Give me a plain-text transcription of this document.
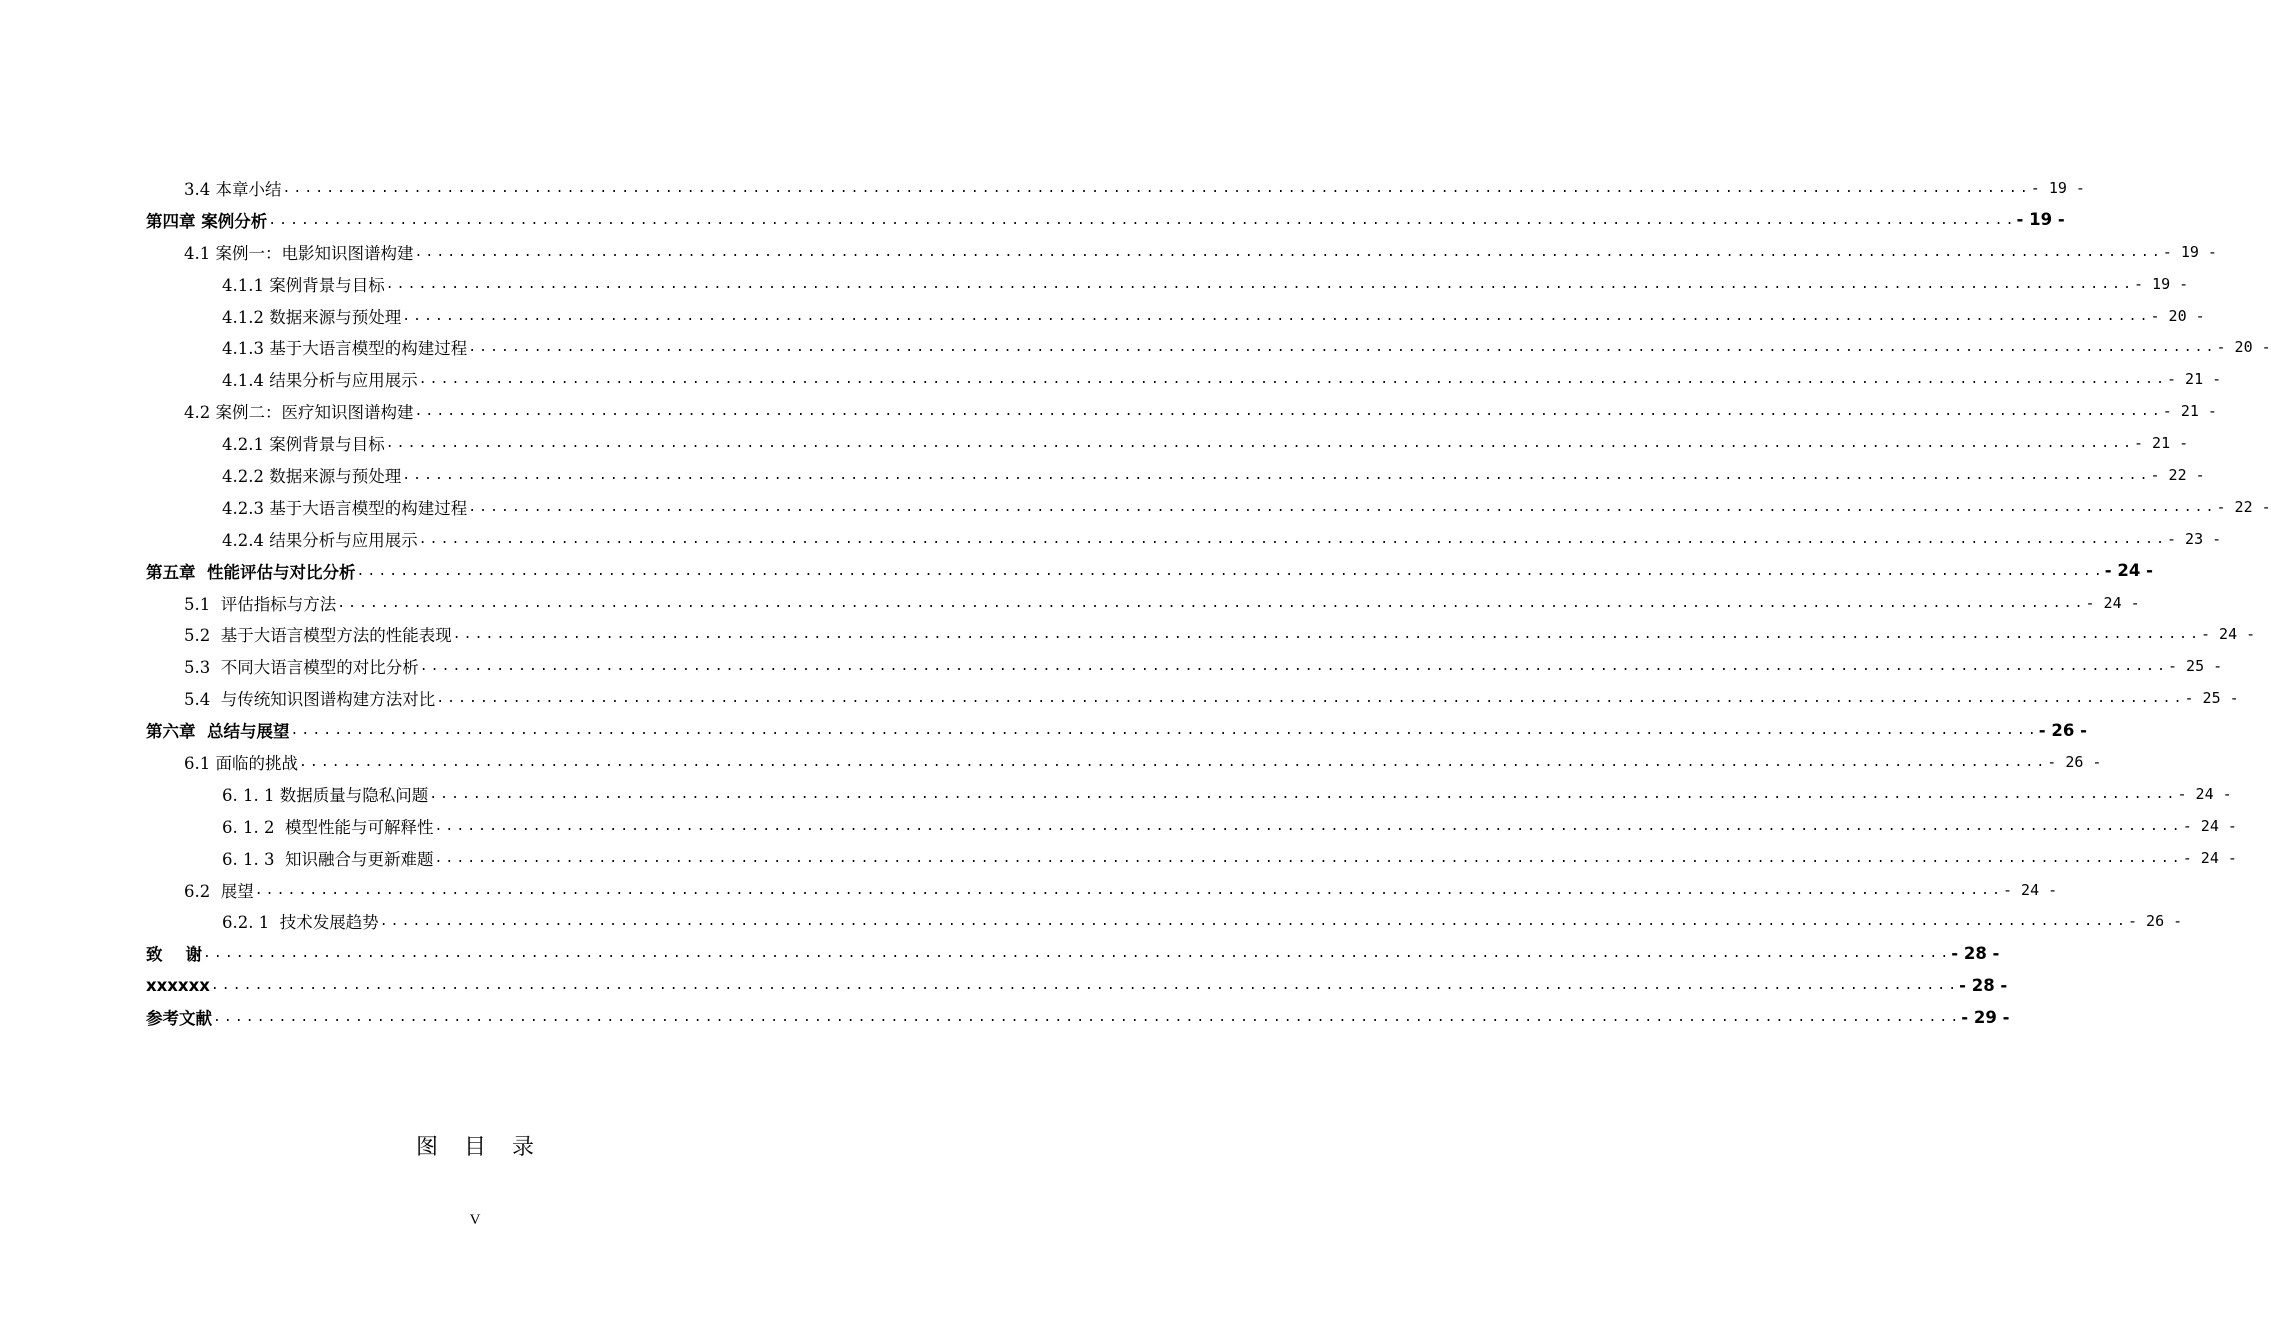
3.4 本章小结 ................................................................................................................................................................ - 19 -
第四章 案例分析 ................................................................................................................................................................ - 19 -
4.1 案例一：电影知识图谱构建 ................................................................................................................................................................ - 19 -
4.1.1 案例背景与目标 ................................................................................................................................................................ - 19 -
4.1.2 数据来源与预处理 ................................................................................................................................................................ - 20 -
4.1.3 基于大语言模型的构建过程 ................................................................................................................................................................ - 20 -
4.1.4 结果分析与应用展示 ................................................................................................................................................................ - 21 -
4.2 案例二：医疗知识图谱构建 ................................................................................................................................................................ - 21 -
4.2.1 案例背景与目标 ................................................................................................................................................................ - 21 -
4.2.2 数据来源与预处理 ................................................................................................................................................................ - 22 -
4.2.3 基于大语言模型的构建过程 ................................................................................................................................................................ - 22 -
4.2.4 结果分析与应用展示 ................................................................................................................................................................ - 23 -
第五章  性能评估与对比分析 ................................................................................................................................................................ - 24 -
5.1  评估指标与方法 ................................................................................................................................................................ - 24 -
5.2  基于大语言模型方法的性能表现 ................................................................................................................................................................ - 24 -
5.3  不同大语言模型的对比分析 ................................................................................................................................................................ - 25 -
5.4  与传统知识图谱构建方法对比 ................................................................................................................................................................ - 25 -
第六章  总结与展望 ................................................................................................................................................................ - 26 -
6.1 面临的挑战 ................................................................................................................................................................ - 26 -
6. 1. 1 数据质量与隐私问题 ................................................................................................................................................................ - 24 -
6. 1. 2  模型性能与可解释性 ................................................................................................................................................................ - 24 -
6. 1. 3  知识融合与更新难题 ................................................................................................................................................................ - 24 -
6.2  展望 ................................................................................................................................................................ - 24 -
6.2. 1  技术发展趋势 ................................................................................................................................................................ - 26 -
致    谢 ................................................................................................................................................................ - 28 -
xxxxxx ................................................................................................................................................................ - 28 -
参考文献 ................................................................................................................................................................ - 29 -
图目录
V
